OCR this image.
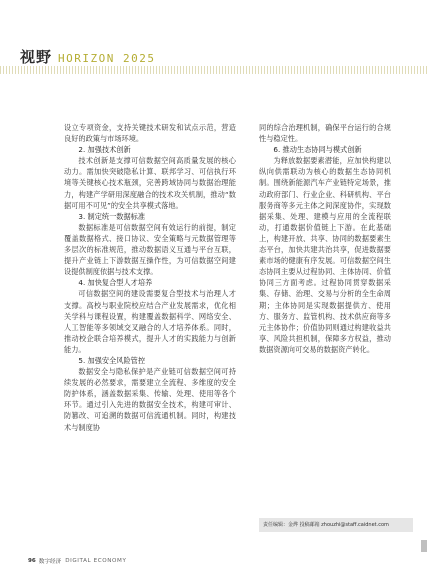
视野 HORIZON 2025

设立专项资金，支持关键技术研发和试点示范，营造良好的政策与市场环境。

2. 加强技术创新

技术创新是支撑可信数据空间高质量发展的核心动力。需加快突破隐私计算、联邦学习、可信执行环境等关键核心技术瓶颈，完善跨域协同与数据治理能力，构建产学研用深度融合的技术攻关机制，推动“数据可用不可见”的安全共享模式落地。

3. 制定统一数据标准

数据标准是可信数据空间有效运行的前提，制定覆盖数据格式、接口协议、安全策略与元数据管理等多层次的标准规范，推动数据语义互通与平台互联，提升产业链上下游数据互操作性，为可信数据空间建设提供制度依据与技术支撑。

4. 加快复合型人才培养

可信数据空间的建设需要复合型技术与治理人才支撑。高校与职业院校应结合产业发展需求，优化相关学科与课程设置，构建覆盖数据科学、网络安全、人工智能等多领域交叉融合的人才培养体系。同时，推动校企联合培养模式，提升人才的实践能力与创新能力。

5. 加强安全风险管控

数据安全与隐私保护是产业链可信数据空间可持续发展的必然要求，需要建立全流程、多维度的安全防护体系，涵盖数据采集、传输、处理、使用等各个环节。通过引入先进的数据安全技术，构建可审计、防篡改、可追溯的数据可信流通机制。同时，构建技术与制度协

同的综合治理机制，确保平台运行的合规性与稳定性。

6. 推动生态协同与模式创新

为释放数据要素潜能，应加快构建以纵向供需联动为核心的数据生态协同机制。围绕新能源汽车产业链特定场景，推动政府部门、行业企业、科研机构、平台服务商等多元主体之间深度协作，实现数据采集、处理、建模与应用的全流程联动，打通数据价值链上下游。在此基础上，构建开放、共享、协同的数据要素生态平台，加快共建共治共享，促进数据要素市场的健康有序发展。可信数据空间生态协同主要从过程协同、主体协同、价值协同三方面考虑。过程协同贯穿数据采集、存储、治理、交易与分析的全生命周期；主体协同是实现数据提供方、使用方、服务方、监管机构、技术供应商等多元主体协作；价值协同则通过构建收益共享、风险共担机制，保障多方权益，推动数据资源向可交易的数据资产转化。

责任编辑：金烨 投稿邮箱 zhouzhi@staff.caidnet.com
96 数字经济 DIGITAL ECONOMY
